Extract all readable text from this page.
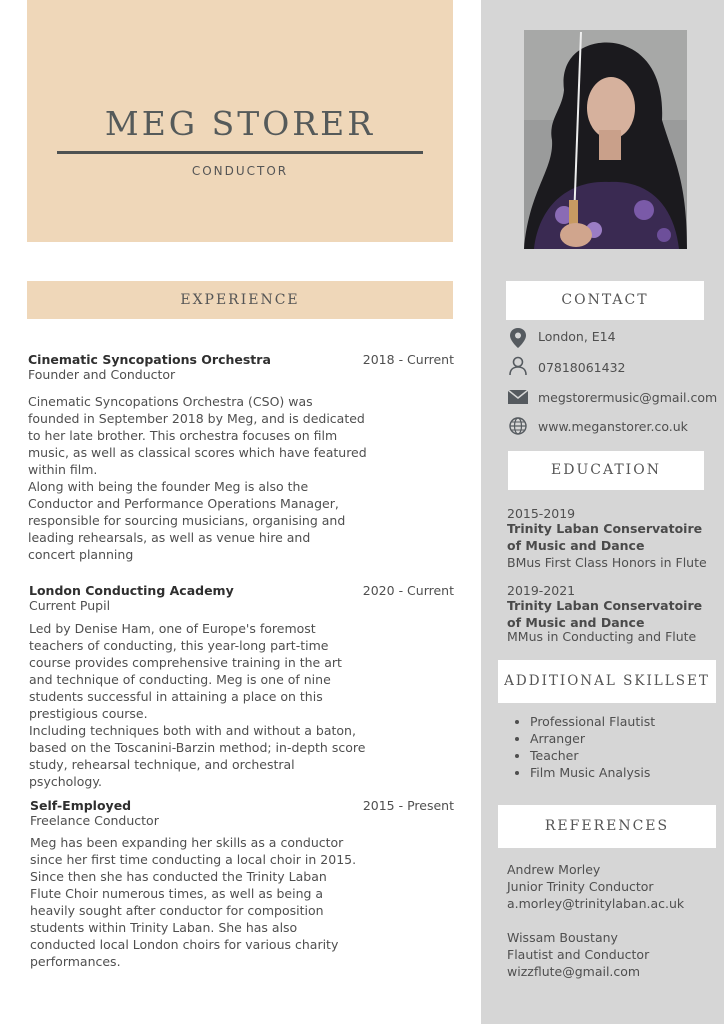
MEG STORER
CONDUCTOR
EXPERIENCE
Cinematic Syncopations Orchestra	2018 - Current
Founder and Conductor
Cinematic Syncopations Orchestra (CSO) was founded in September 2018 by Meg, and is dedicated to her late brother. This orchestra focuses on film music, as well as classical scores which have featured within film.
Along with being the founder Meg is also the Conductor and Performance Operations Manager, responsible for sourcing musicians, organising and leading rehearsals, as well as venue hire and concert planning
London Conducting Academy	2020 - Current
Current Pupil
Led by Denise Ham, one of Europe's foremost teachers of conducting, this year-long part-time course provides comprehensive training in the art and technique of conducting. Meg is one of nine students successful in attaining a place on this prestigious course.
Including techniques both with and without a baton, based on the Toscanini-Barzin method; in-depth score study, rehearsal technique, and orchestral psychology.
Self-Employed	2015 - Present
Freelance Conductor
Meg has been expanding her skills as a conductor since her first time conducting a local choir in 2015. Since then she has conducted the Trinity Laban Flute Choir numerous times, as well as being a heavily sought after conductor for composition students within Trinity Laban. She has also conducted local London choirs for various charity performances.
CONTACT
London, E14
07818061432
megstorermusic@gmail.com
www.meganstorer.co.uk
EDUCATION
2015-2019
Trinity Laban Conservatoire of Music and Dance
BMus First Class Honors in Flute
2019-2021
Trinity Laban Conservatoire of Music and Dance
MMus in Conducting and Flute
ADDITIONAL SKILLSET
• Professional Flautist
• Arranger
• Teacher
• Film Music Analysis
REFERENCES
Andrew Morley
Junior Trinity Conductor
a.morley@trinitylaban.ac.uk
Wissam Boustany
Flautist and Conductor
wizzflute@gmail.com
